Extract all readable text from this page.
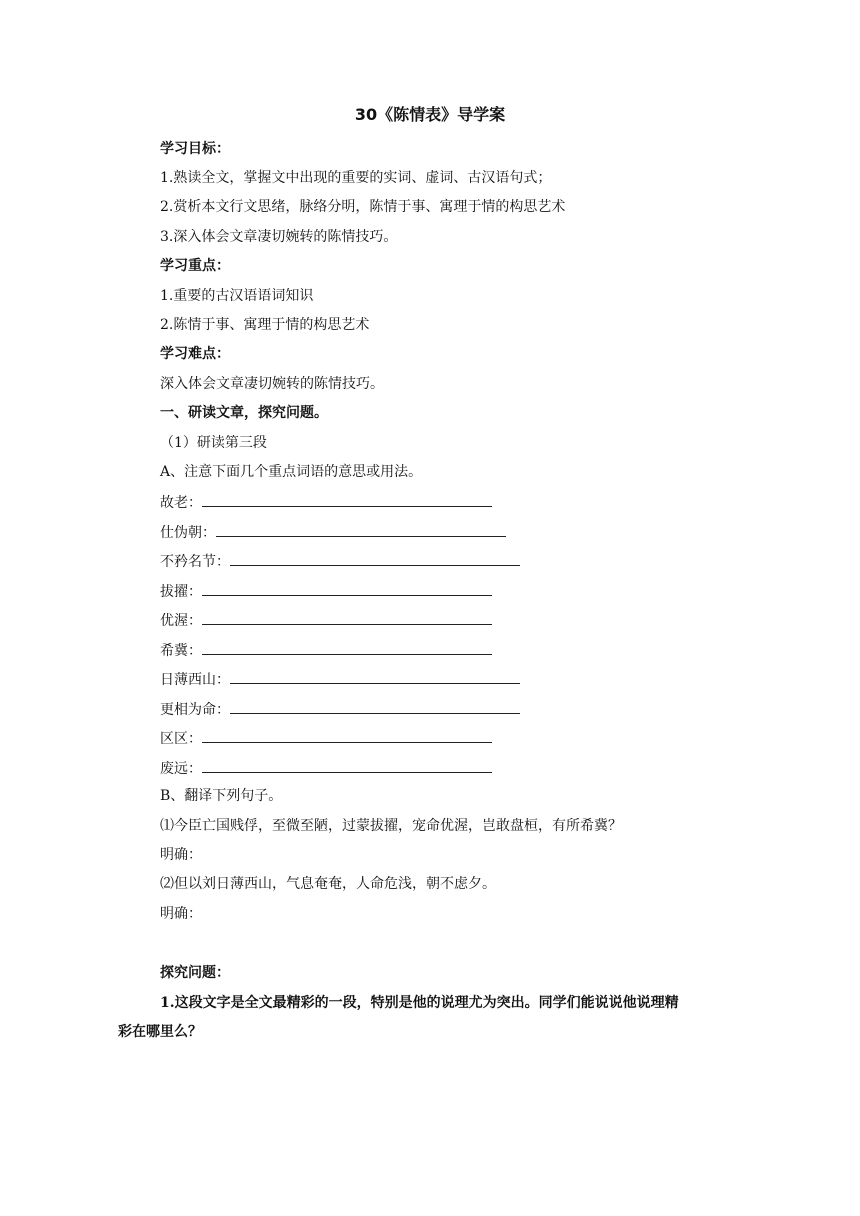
30《陈情表》导学案
学习目标：
1.熟读全文，掌握文中出现的重要的实词、虚词、古汉语句式；
2.赏析本文行文思绪，脉络分明，陈情于事、寓理于情的构思艺术
3.深入体会文章凄切婉转的陈情技巧。
学习重点：
1.重要的古汉语语词知识
2.陈情于事、寓理于情的构思艺术
学习难点：
深入体会文章凄切婉转的陈情技巧。
一、研读文章，探究问题。
（1）研读第三段
A、注意下面几个重点词语的意思或用法。
故老：
仕伪朝：
不矜名节：
拔擢：
优渥：
希冀：
日薄西山：
更相为命：
区区：
废远：
B、翻译下列句子。
⑴今臣亡国贱俘，至微至陋，过蒙拔擢，宠命优渥，岂敢盘桓，有所希冀？
明确：
⑵但以刘日薄西山，气息奄奄，人命危浅，朝不虑夕。
明确：
探究问题：
1.这段文字是全文最精彩的一段，特别是他的说理尤为突出。同学们能说说他说理精
彩在哪里么？
